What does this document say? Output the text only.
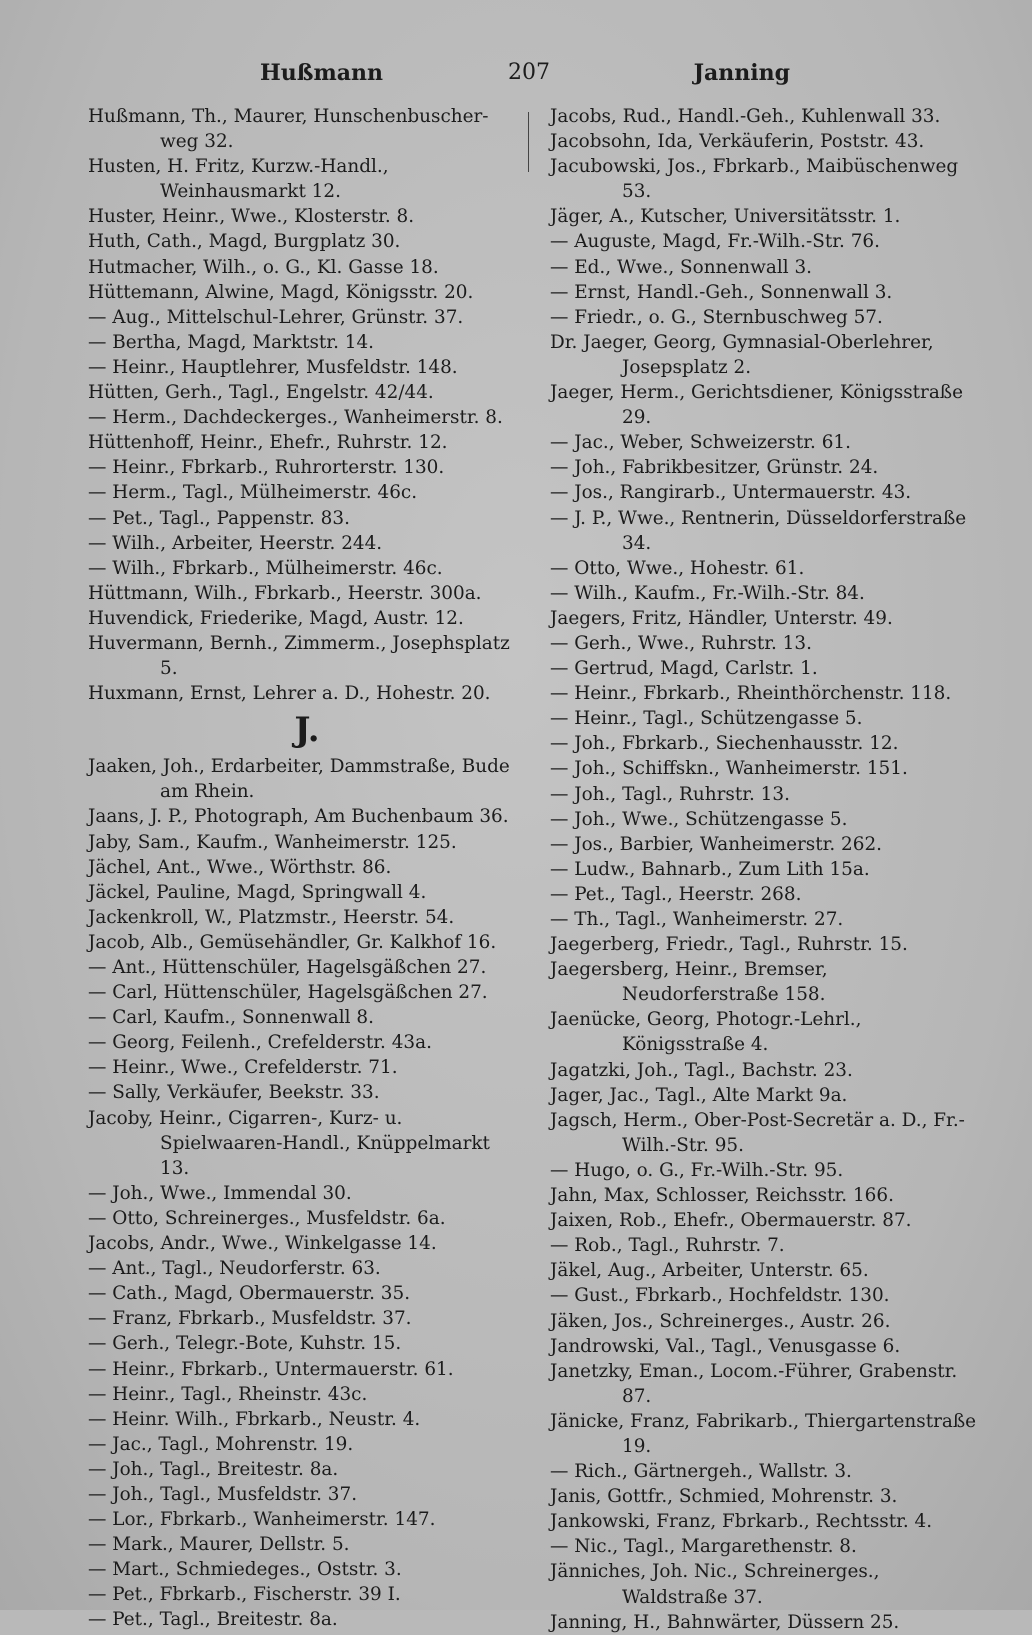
Hußmann	207	Janning

Hußmann, Th., Maurer, Hunschenbuscher-weg 32.

Husten, H. Fritz, Kurzw.-Handl., Weinhausmarkt 12.

Huster, Heinr., Wwe., Klosterstr. 8.

Huth, Cath., Magd, Burgplatz 30.

Hutmacher, Wilh., o. G., Kl. Gasse 18.

Hüttemann, Alwine, Magd, Königsstr. 20.

— Aug., Mittelschul-Lehrer, Grünstr. 37.

— Bertha, Magd, Marktstr. 14.

— Heinr., Hauptlehrer, Musfeldstr. 148.

Hütten, Gerh., Tagl., Engelstr. 42/44.

— Herm., Dachdeckerges., Wanheimerstr. 8.

Hüttenhoff, Heinr., Ehefr., Ruhrstr. 12.

— Heinr., Fbrkarb., Ruhrorterstr. 130.

— Herm., Tagl., Mülheimerstr. 46c.

— Pet., Tagl., Pappenstr. 83.

— Wilh., Arbeiter, Heerstr. 244.

— Wilh., Fbrkarb., Mülheimerstr. 46c.

Hüttmann, Wilh., Fbrkarb., Heerstr. 300a.

Huvendick, Friederike, Magd, Austr. 12.

Huvermann, Bernh., Zimmerm., Josephsplatz 5.

Huxmann, Ernst, Lehrer a. D., Hohestr. 20.

J.

Jaaken, Joh., Erdarbeiter, Dammstraße, Bude am Rhein.

Jaans, J. P., Photograph, Am Buchenbaum 36.

Jaby, Sam., Kaufm., Wanheimerstr. 125.

Jächel, Ant., Wwe., Wörthstr. 86.

Jäckel, Pauline, Magd, Springwall 4.

Jackenkroll, W., Platzmstr., Heerstr. 54.

Jacob, Alb., Gemüsehändler, Gr. Kalkhof 16.

— Ant., Hüttenschüler, Hagelsgäßchen 27.

— Carl, Hüttenschüler, Hagelsgäßchen 27.

— Carl, Kaufm., Sonnenwall 8.

— Georg, Feilenh., Crefelderstr. 43a.

— Heinr., Wwe., Crefelderstr. 71.

— Sally, Verkäufer, Beekstr. 33.

Jacoby, Heinr., Cigarren-, Kurz- u. Spielwaaren-Handl., Knüppelmarkt 13.

— Joh., Wwe., Immendal 30.

— Otto, Schreinerges., Musfeldstr. 6a.

Jacobs, Andr., Wwe., Winkelgasse 14.

— Ant., Tagl., Neudorferstr. 63.

— Cath., Magd, Obermauerstr. 35.

— Franz, Fbrkarb., Musfeldstr. 37.

— Gerh., Telegr.-Bote, Kuhstr. 15.

— Heinr., Fbrkarb., Untermauerstr. 61.

— Heinr., Tagl., Rheinstr. 43c.

— Heinr. Wilh., Fbrkarb., Neustr. 4.

— Jac., Tagl., Mohrenstr. 19.

— Joh., Tagl., Breitestr. 8a.

— Joh., Tagl., Musfeldstr. 37.

— Lor., Fbrkarb., Wanheimerstr. 147.

— Mark., Maurer, Dellstr. 5.

— Mart., Schmiedeges., Oststr. 3.

— Pet., Fbrkarb., Fischerstr. 39 I.

— Pet., Tagl., Breitestr. 8a.

Jacobs, Rud., Handl.-Geh., Kuhlenwall 33.

Jacobsohn, Ida, Verkäuferin, Poststr. 43.

Jacubowski, Jos., Fbrkarb., Maibüschenweg 53.

Jäger, A., Kutscher, Universitätsstr. 1.

— Auguste, Magd, Fr.-Wilh.-Str. 76.

— Ed., Wwe., Sonnenwall 3.

— Ernst, Handl.-Geh., Sonnenwall 3.

— Friedr., o. G., Sternbuschweg 57.

Dr. Jaeger, Georg, Gymnasial-Oberlehrer, Josepsplatz 2.

Jaeger, Herm., Gerichtsdiener, Königsstraße 29.

— Jac., Weber, Schweizerstr. 61.

— Joh., Fabrikbesitzer, Grünstr. 24.

— Jos., Rangirarb., Untermauerstr. 43.

— J. P., Wwe., Rentnerin, Düsseldorferstraße 34.

— Otto, Wwe., Hohestr. 61.

— Wilh., Kaufm., Fr.-Wilh.-Str. 84.

Jaegers, Fritz, Händler, Unterstr. 49.

— Gerh., Wwe., Ruhrstr. 13.

— Gertrud, Magd, Carlstr. 1.

— Heinr., Fbrkarb., Rheinthörchenstr. 118.

— Heinr., Tagl., Schützengasse 5.

— Joh., Fbrkarb., Siechenhausstr. 12.

— Joh., Schiffskn., Wanheimerstr. 151.

— Joh., Tagl., Ruhrstr. 13.

— Joh., Wwe., Schützengasse 5.

— Jos., Barbier, Wanheimerstr. 262.

— Ludw., Bahnarb., Zum Lith 15a.

— Pet., Tagl., Heerstr. 268.

— Th., Tagl., Wanheimerstr. 27.

Jaegerberg, Friedr., Tagl., Ruhrstr. 15.

Jaegersberg, Heinr., Bremser, Neudorferstraße 158.

Jaenücke, Georg, Photogr.-Lehrl., Königsstraße 4.

Jagatzki, Joh., Tagl., Bachstr. 23.

Jager, Jac., Tagl., Alte Markt 9a.

Jagsch, Herm., Ober-Post-Secretär a. D., Fr.-Wilh.-Str. 95.

— Hugo, o. G., Fr.-Wilh.-Str. 95.

Jahn, Max, Schlosser, Reichsstr. 166.

Jaixen, Rob., Ehefr., Obermauerstr. 87.

— Rob., Tagl., Ruhrstr. 7.

Jäkel, Aug., Arbeiter, Unterstr. 65.

— Gust., Fbrkarb., Hochfeldstr. 130.

Jäken, Jos., Schreinerges., Austr. 26.

Jandrowski, Val., Tagl., Venusgasse 6.

Janetzky, Eman., Locom.-Führer, Grabenstr. 87.

Jänicke, Franz, Fabrikarb., Thiergartenstraße 19.

— Rich., Gärtnergeh., Wallstr. 3.

Janis, Gottfr., Schmied, Mohrenstr. 3.

Jankowski, Franz, Fbrkarb., Rechtsstr. 4.

— Nic., Tagl., Margarethenstr. 8.

Jänniches, Joh. Nic., Schreinerges., Waldstraße 37.

Janning, H., Bahnwärter, Düssern 25.
